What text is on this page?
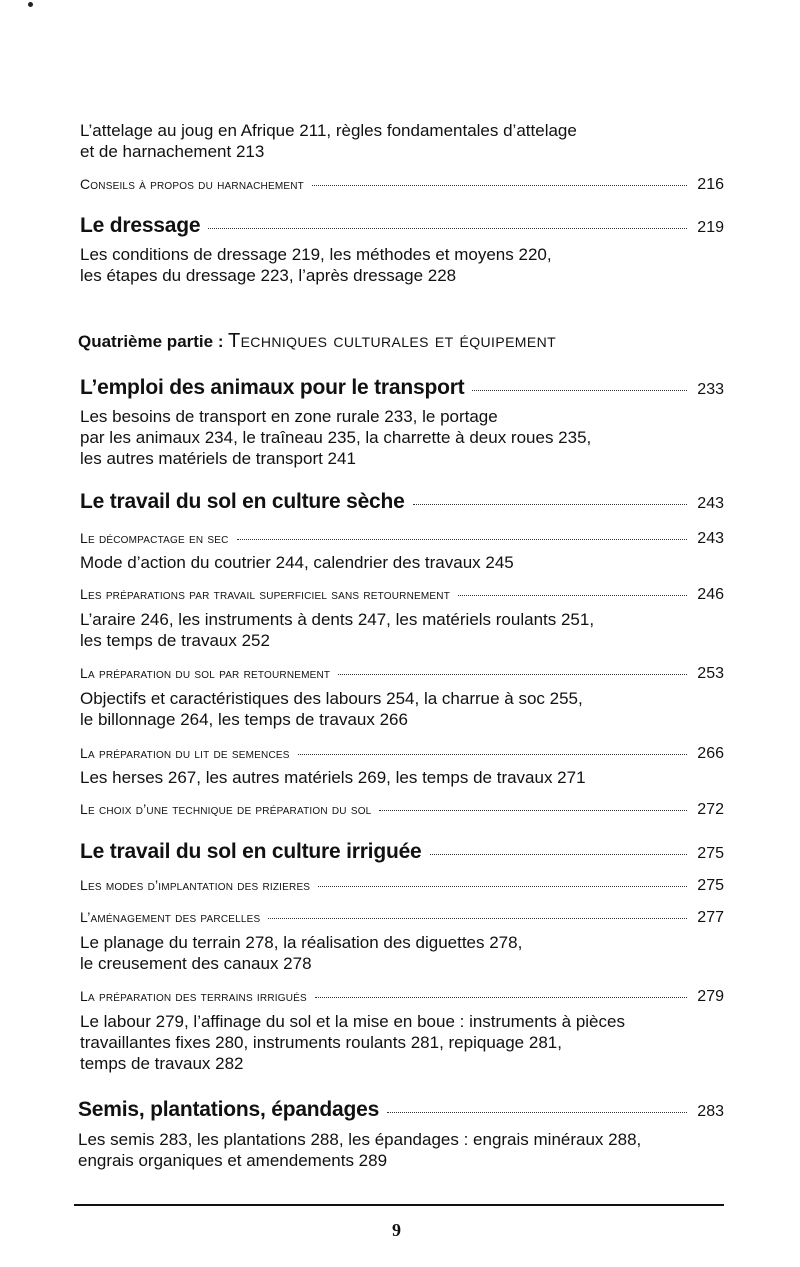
L’attelage au joug en Afrique 211, règles fondamentales d’attelage
et de harnachement 213
Conseils à propos du harnachement	216
Le dressage	219
Les conditions de dressage 219, les méthodes et moyens 220,
les étapes du dressage 223, l’après dressage 228
Quatrième partie : Techniques culturales et équipement
L’emploi des animaux pour le transport	233
Les besoins de transport en zone rurale 233, le portage
par les animaux 234, le traîneau 235, la charrette à deux roues 235,
les autres matériels de transport 241
Le travail du sol en culture sèche	243
Le décompactage en sec	243
Mode d’action du coutrier 244, calendrier des travaux 245
Les préparations par travail superficiel sans retournement	246
L’araire 246, les instruments à dents 247, les matériels roulants 251,
les temps de travaux 252
La préparation du sol par retournement	253
Objectifs et caractéristiques des labours 254, la charrue à soc 255,
le billonnage 264, les temps de travaux 266
La préparation du lit de semences	266
Les herses 267, les autres matériels 269, les temps de travaux 271
Le choix d’une technique de préparation du sol	272
Le travail du sol en culture irriguée	275
Les modes d’implantation des rizieres	275
L’aménagement des parcelles	277
Le planage du terrain 278, la réalisation des diguettes 278,
le creusement des canaux 278
La préparation des terrains irrigués	279
Le labour 279, l’affinage du sol et la mise en boue : instruments à pièces
travaillantes fixes 280, instruments roulants 281, repiquage 281,
temps de travaux 282
Semis, plantations, épandages	283
Les semis 283, les plantations 288, les épandages : engrais minéraux 288,
engrais organiques et amendements 289
9
